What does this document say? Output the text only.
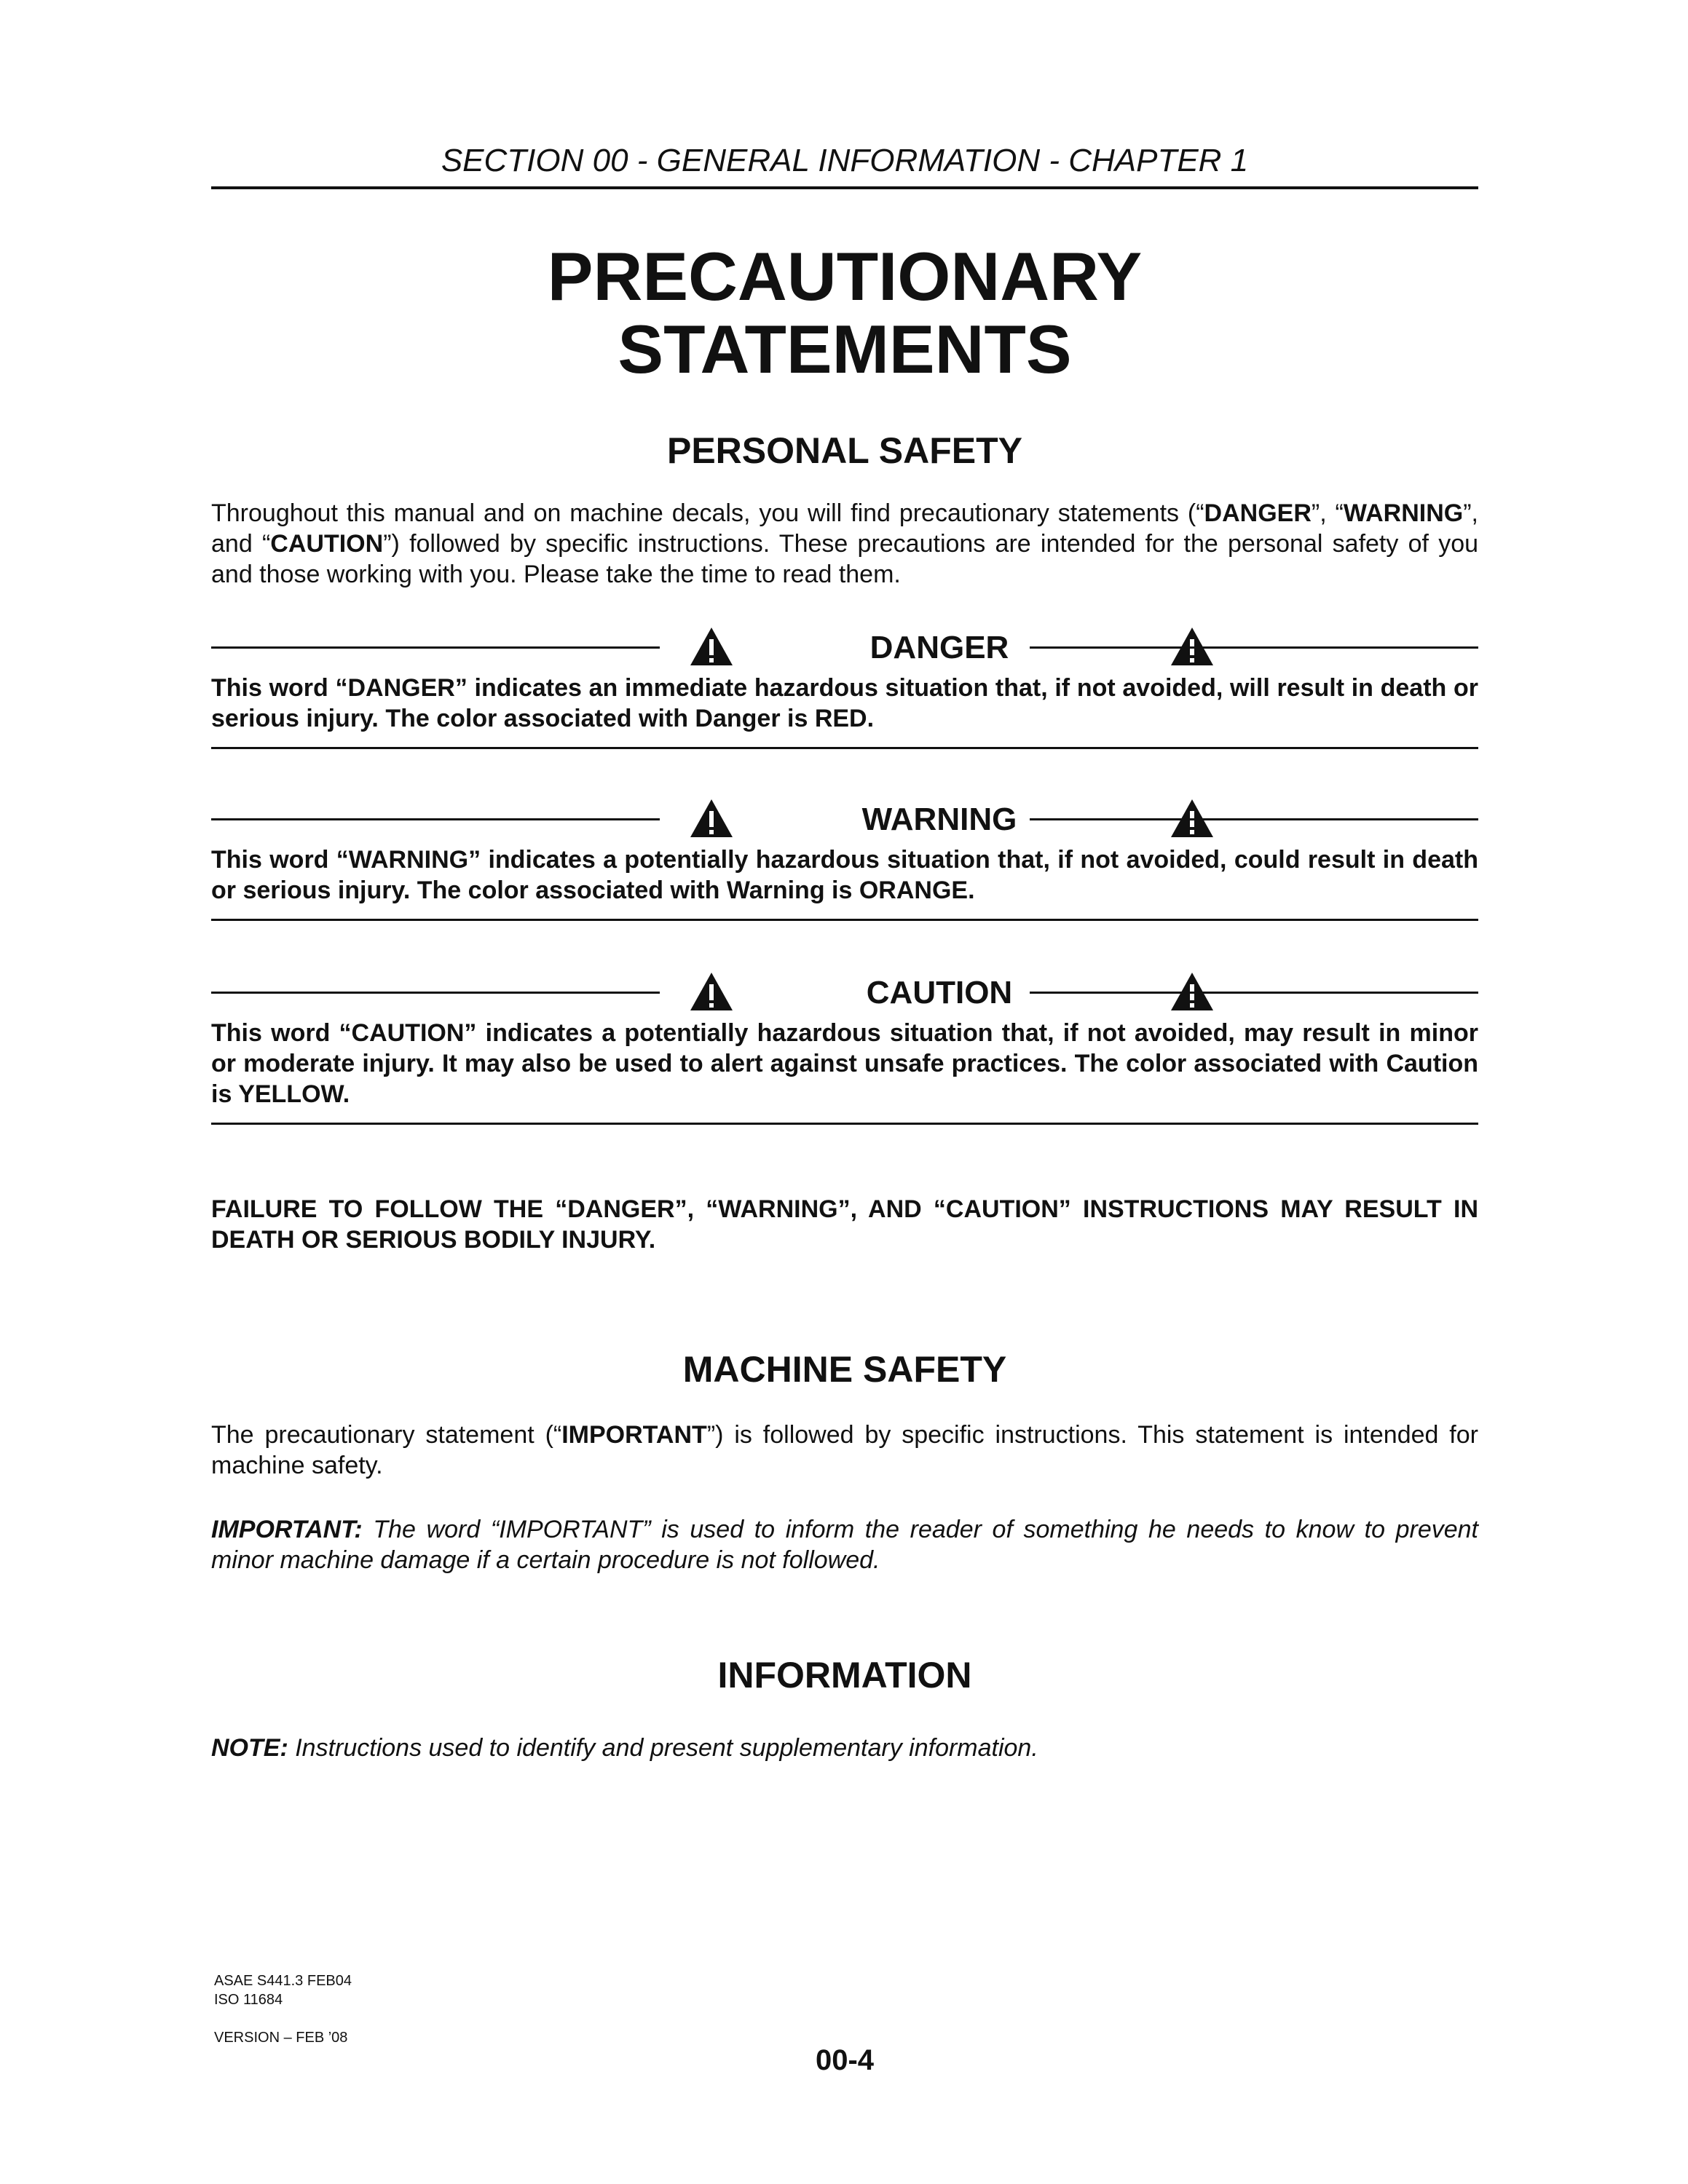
SECTION 00 - GENERAL INFORMATION - CHAPTER 1
PRECAUTIONARY
STATEMENTS
PERSONAL SAFETY
Throughout this manual and on machine decals, you will find precautionary statements (“DANGER”, “WARNING”, and “CAUTION”) followed by specific instructions. These precautions are intended for the personal safety of you and those working with you. Please take the time to read them.
DANGER
This word “DANGER” indicates an immediate hazardous situation that, if not avoided, will result in death or serious injury. The color associated with Danger is RED.
WARNING
This word “WARNING” indicates a potentially hazardous situation that, if not avoided, could result in death or serious injury. The color associated with Warning is ORANGE.
CAUTION
This word “CAUTION” indicates a potentially hazardous situation that, if not avoided, may result in minor or moderate injury. It may also be used to alert against unsafe practices. The color associated with Caution is YELLOW.
FAILURE TO FOLLOW THE “DANGER”, “WARNING”, AND “CAUTION” INSTRUCTIONS MAY RESULT IN DEATH OR SERIOUS BODILY INJURY.
MACHINE SAFETY
The precautionary statement (“IMPORTANT”) is followed by specific instructions. This statement is intended for machine safety.
IMPORTANT: The word “IMPORTANT” is used to inform the reader of something he needs to know to prevent minor machine damage if a certain procedure is not followed.
INFORMATION
NOTE: Instructions used to identify and present supplementary information.
ASAE S441.3 FEB04
ISO 11684
VERSION – FEB ’08
00-4
